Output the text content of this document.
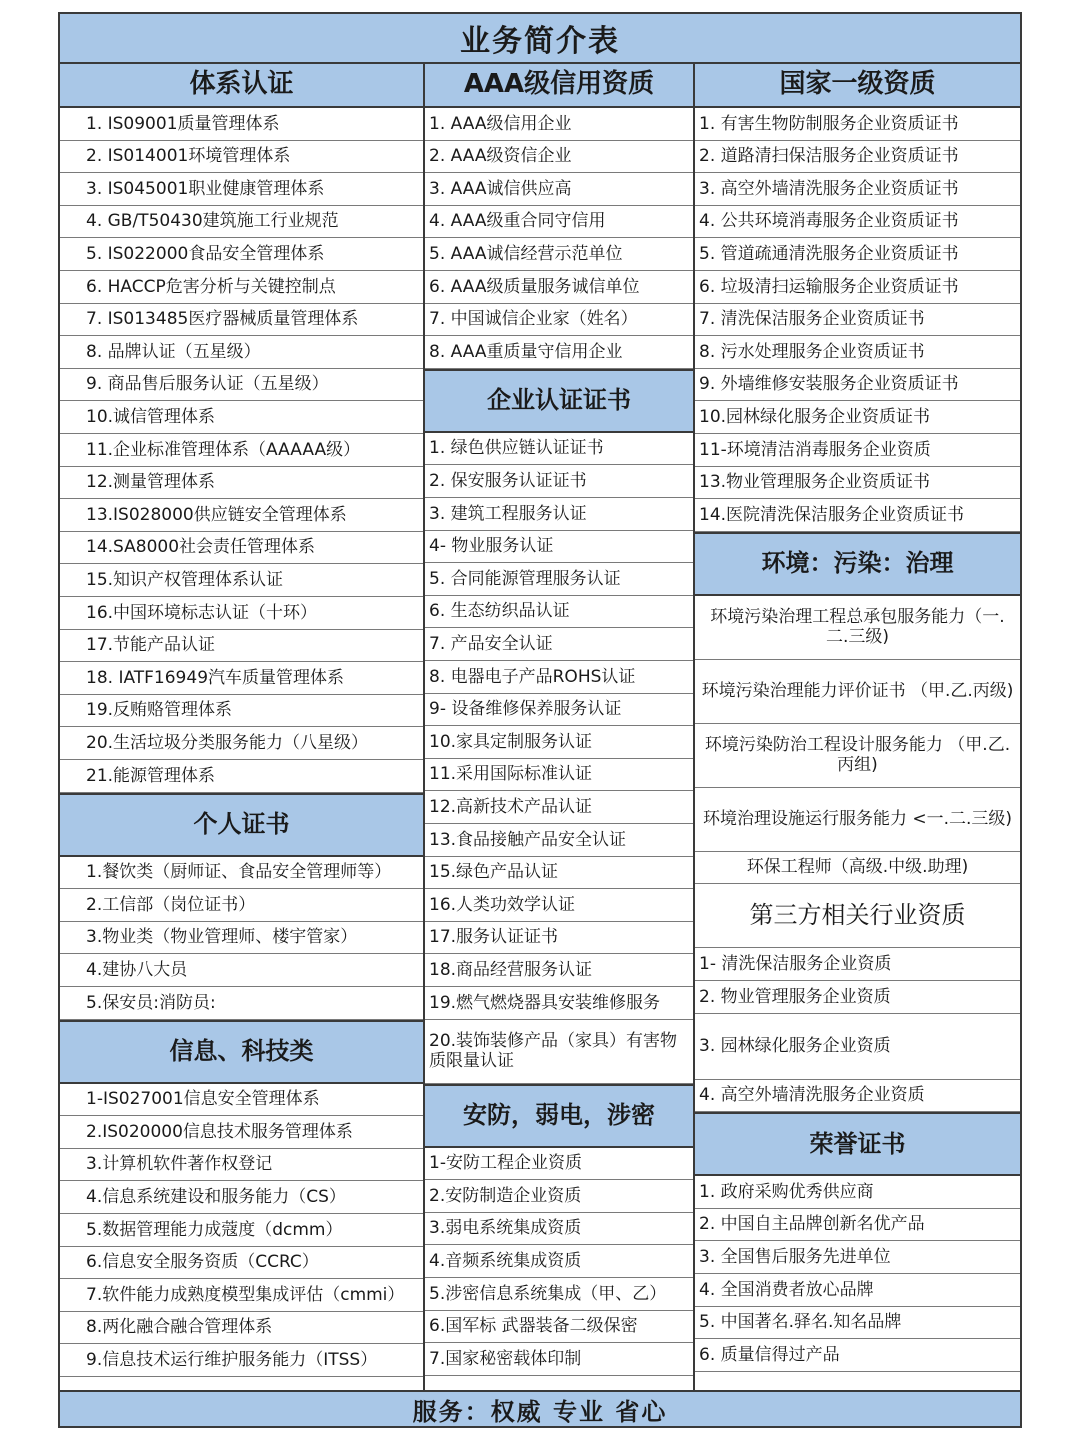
业务简介表
体系认证
1. IS09001质量管理体系
2. IS014001环境管理体系
3. IS045001职业健康管理体系
4. GB/T50430建筑施工行业规范
5. IS022000食品安全管理体系
6. HACCP危害分析与关键控制点
7. IS013485医疗器械质量管理体系
8. 品牌认证（五星级）
9. 商品售后服务认证（五星级）
10.诚信管理体系
11.企业标准管理体系（AAAAA级）
12.测量管理体系
13.IS028000供应链安全管理体系
14.SA8000社会责任管理体系
15.知识产权管理体系认证
16.中国环境标志认证（十环）
17.节能产品认证
18. IATF16949汽车质量管理体系
19.反贿赂管理体系
20.生活垃圾分类服务能力（八星级）
21.能源管理体系
个人证书
1.餐饮类（厨师证、食品安全管理师等）
2.工信部（岗位证书）
3.物业类（物业管理师、楼宇管家）
4.建协八大员
5.保安员:消防员:
信息、科技类
1-IS027001信息安全管理体系
2.IS020000信息技术服务管理体系
3.计算机软件著作权登记
4.信息系统建设和服务能力（CS）
5.数据管理能力成蔻度（dcmm）
6.信息安全服务资质（CCRC）
7.软件能力成熟度模型集成评估（cmmi）
8.两化融合融合管理体系
9.信息技术运行维护服务能力（ITSS）
AAA级信用资质
1. AAA级信用企业
2. AAA级资信企业
3. AAA诚信供应高
4. AAA级重合同守信用
5. AAA诚信经营示范单位
6. AAA级质量服务诚信单位
7. 中国诚信企业家（姓名）
8. AAA重质量守信用企业
企业认证证书
1. 绿色供应链认证证书
2. 保安服务认证证书
3. 建筑工程服务认证
4- 物业服务认证
5. 合同能源管理服务认证
6. 生态纺织品认证
7. 产品安全认证
8. 电器电子产品ROHS认证
9- 设备维修保养服务认证
10.家具定制服务认证
11.采用国际标准认证
12.高新技术产品认证
13.食品接触产品安全认证
15.绿色产品认证
16.人类功效学认证
17.服务认证证书
18.商品经营服务认证
19.燃气燃烧器具安装维修服务
20.装饰装修产品（家具）有害物质限量认证
安防，弱电，涉密
1-安防工程企业资质
2.安防制造企业资质
3.弱电系统集成资质
4.音频系统集成资质
5.涉密信息系统集成（甲、乙）
6.国军标 武器装备二级保密
7.国家秘密载体印制
国家一级资质
1. 有害生物防制服务企业资质证书
2. 道路清扫保洁服务企业资质证书
3. 高空外墙清洗服务企业资质证书
4. 公共环境消毒服务企业资质证书
5. 管道疏通清洗服务企业资质证书
6. 垃圾清扫运输服务企业资质证书
7. 清洗保洁服务企业资质证书
8. 污水处理服务企业资质证书
9. 外墙维修安装服务企业资质证书
10.园林绿化服务企业资质证书
11-环境清洁消毒服务企业资质
13.物业管理服务企业资质证书
14.医院清洗保洁服务企业资质证书
环境：污染：治理
环境污染治理工程总承包服务能力（一.二.三级)
环境污染治理能力评价证书 （甲.乙.丙级)
环境污染防治工程设计服务能力 （甲.乙.丙组)
环境治理设施运行服务能力 <一.二.三级)
环保工程师（高级.中级.助理)
第三方相关行业资质
1- 清洗保洁服务企业资质
2. 物业管理服务企业资质
3. 园林绿化服务企业资质
4. 高空外墙清洗服务企业资质
荣誉证书
1. 政府采购优秀供应商
2. 中国自主品牌创新名优产品
3. 全国售后服务先进单位
4. 全国消费者放心品牌
5. 中国著名.驿名.知名品牌
6. 质量信得过产品
服务：权威 专业 省心
